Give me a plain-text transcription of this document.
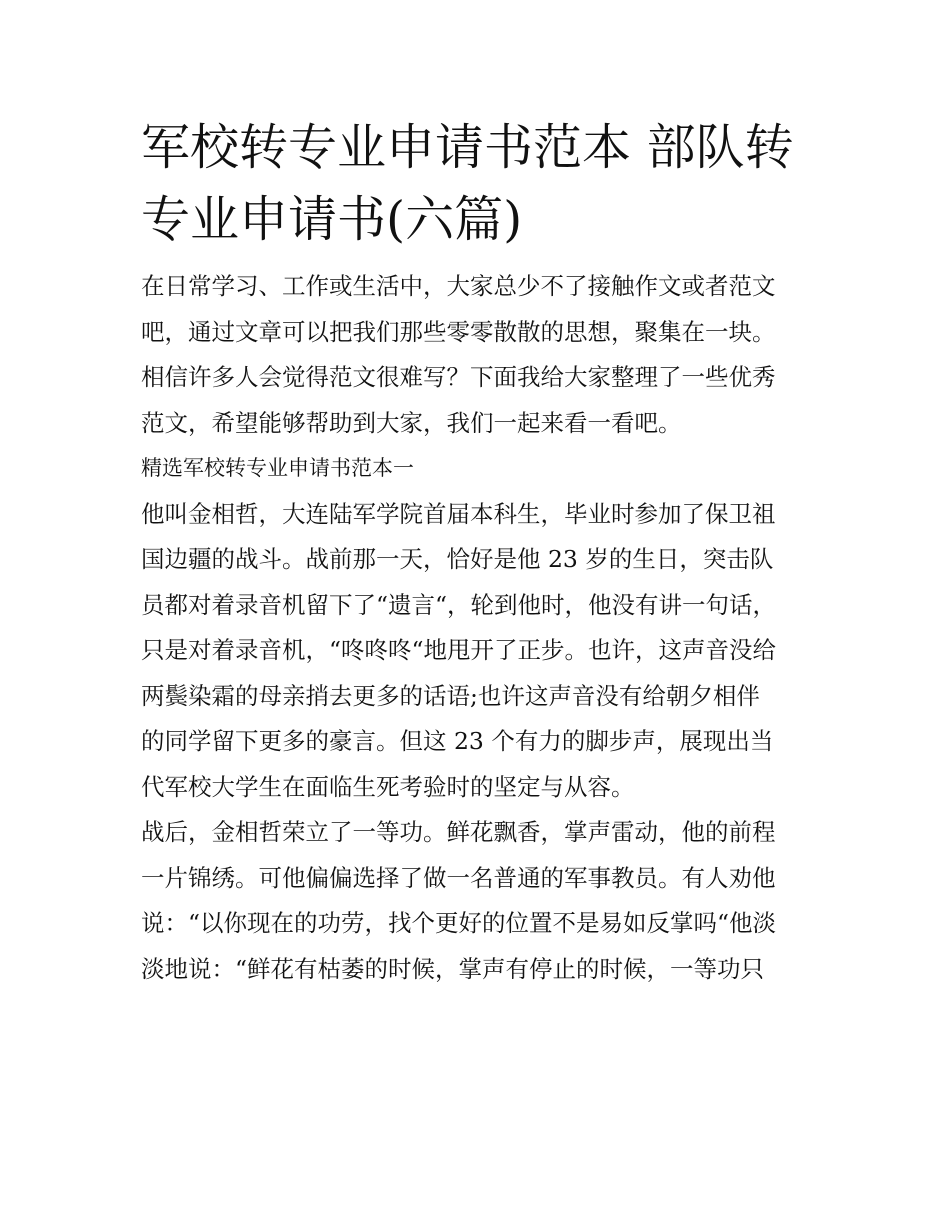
军校转专业申请书范本 部队转
专业申请书(六篇)

在日常学习、工作或生活中，大家总少不了接触作文或者范文
吧，通过文章可以把我们那些零零散散的思想，聚集在一块。
相信许多人会觉得范文很难写？下面我给大家整理了一些优秀
范文，希望能够帮助到大家，我们一起来看一看吧。

精选军校转专业申请书范本一

他叫金相哲，大连陆军学院首届本科生，毕业时参加了保卫祖
国边疆的战斗。战前那一天，恰好是他 23 岁的生日，突击队
员都对着录音机留下了“遗言“，轮到他时，他没有讲一句话，
只是对着录音机，“咚咚咚“地甩开了正步。也许，这声音没给
两鬓染霜的母亲捎去更多的话语;也许这声音没有给朝夕相伴
的同学留下更多的豪言。但这 23 个有力的脚步声，展现出当
代军校大学生在面临生死考验时的坚定与从容。

战后，金相哲荣立了一等功。鲜花飘香，掌声雷动，他的前程
一片锦绣。可他偏偏选择了做一名普通的军事教员。有人劝他
说：“以你现在的功劳，找个更好的位置不是易如反掌吗“他淡
淡地说：“鲜花有枯萎的时候，掌声有停止的时候，一等功只
